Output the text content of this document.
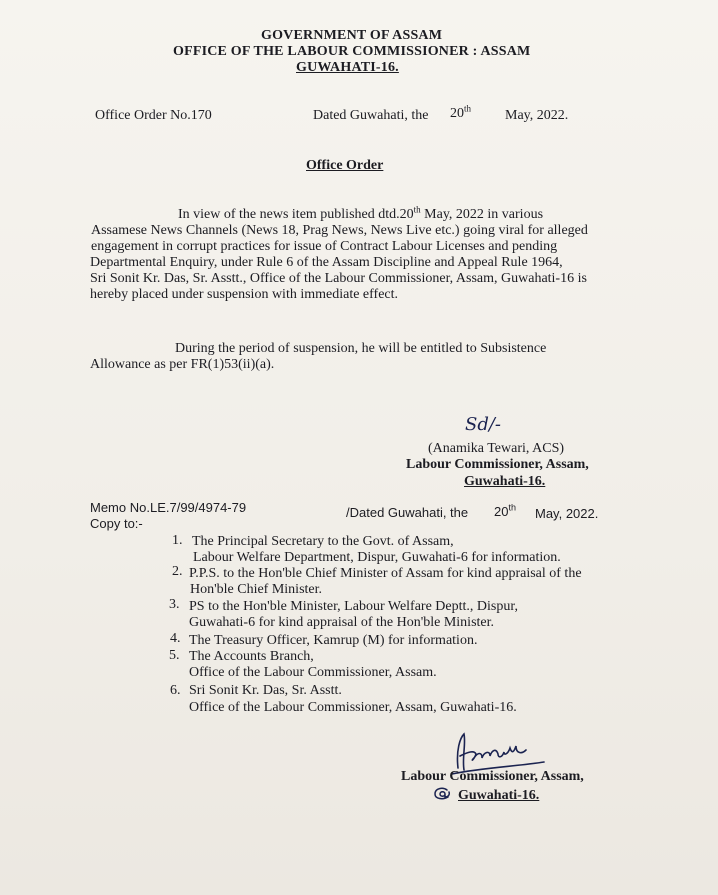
GOVERNMENT OF ASSAM
OFFICE OF THE LABOUR COMMISSIONER : ASSAM
GUWAHATI-16.
Office Order No.170	Dated Guwahati, the 20th May, 2022.
Office Order
In view of the news item published dtd.20th May, 2022 in various
Assamese News Channels (News 18, Prag News, News Live etc.) going viral for alleged
engagement in corrupt practices for issue of Contract Labour Licenses and pending
Departmental Enquiry, under Rule 6 of the Assam Discipline and Appeal Rule 1964,
Sri Sonit Kr. Das, Sr. Asstt., Office of the Labour Commissioner, Assam, Guwahati-16 is
hereby placed under suspension with immediate effect.
During the period of suspension, he will be entitled to Subsistence
Allowance as per FR(1)53(ii)(a).
Sd/-
(Anamika Tewari, ACS)
Labour Commissioner, Assam,
Guwahati-16.
Memo No.LE.7/99/4974-79	/Dated Guwahati, the 20th May, 2022.
Copy to:-
1. The Principal Secretary to the Govt. of Assam,
Labour Welfare Department, Dispur, Guwahati-6 for information.
2. P.P.S. to the Hon'ble Chief Minister of Assam for kind appraisal of the
Hon'ble Chief Minister.
3. PS to the Hon'ble Minister, Labour Welfare Deptt., Dispur,
Guwahati-6 for kind appraisal of the Hon'ble Minister.
4. The Treasury Officer, Kamrup (M) for information.
5. The Accounts Branch,
Office of the Labour Commissioner, Assam.
6. Sri Sonit Kr. Das, Sr. Asstt.
Office of the Labour Commissioner, Assam, Guwahati-16.
Labour Commissioner, Assam,
Guwahati-16.
